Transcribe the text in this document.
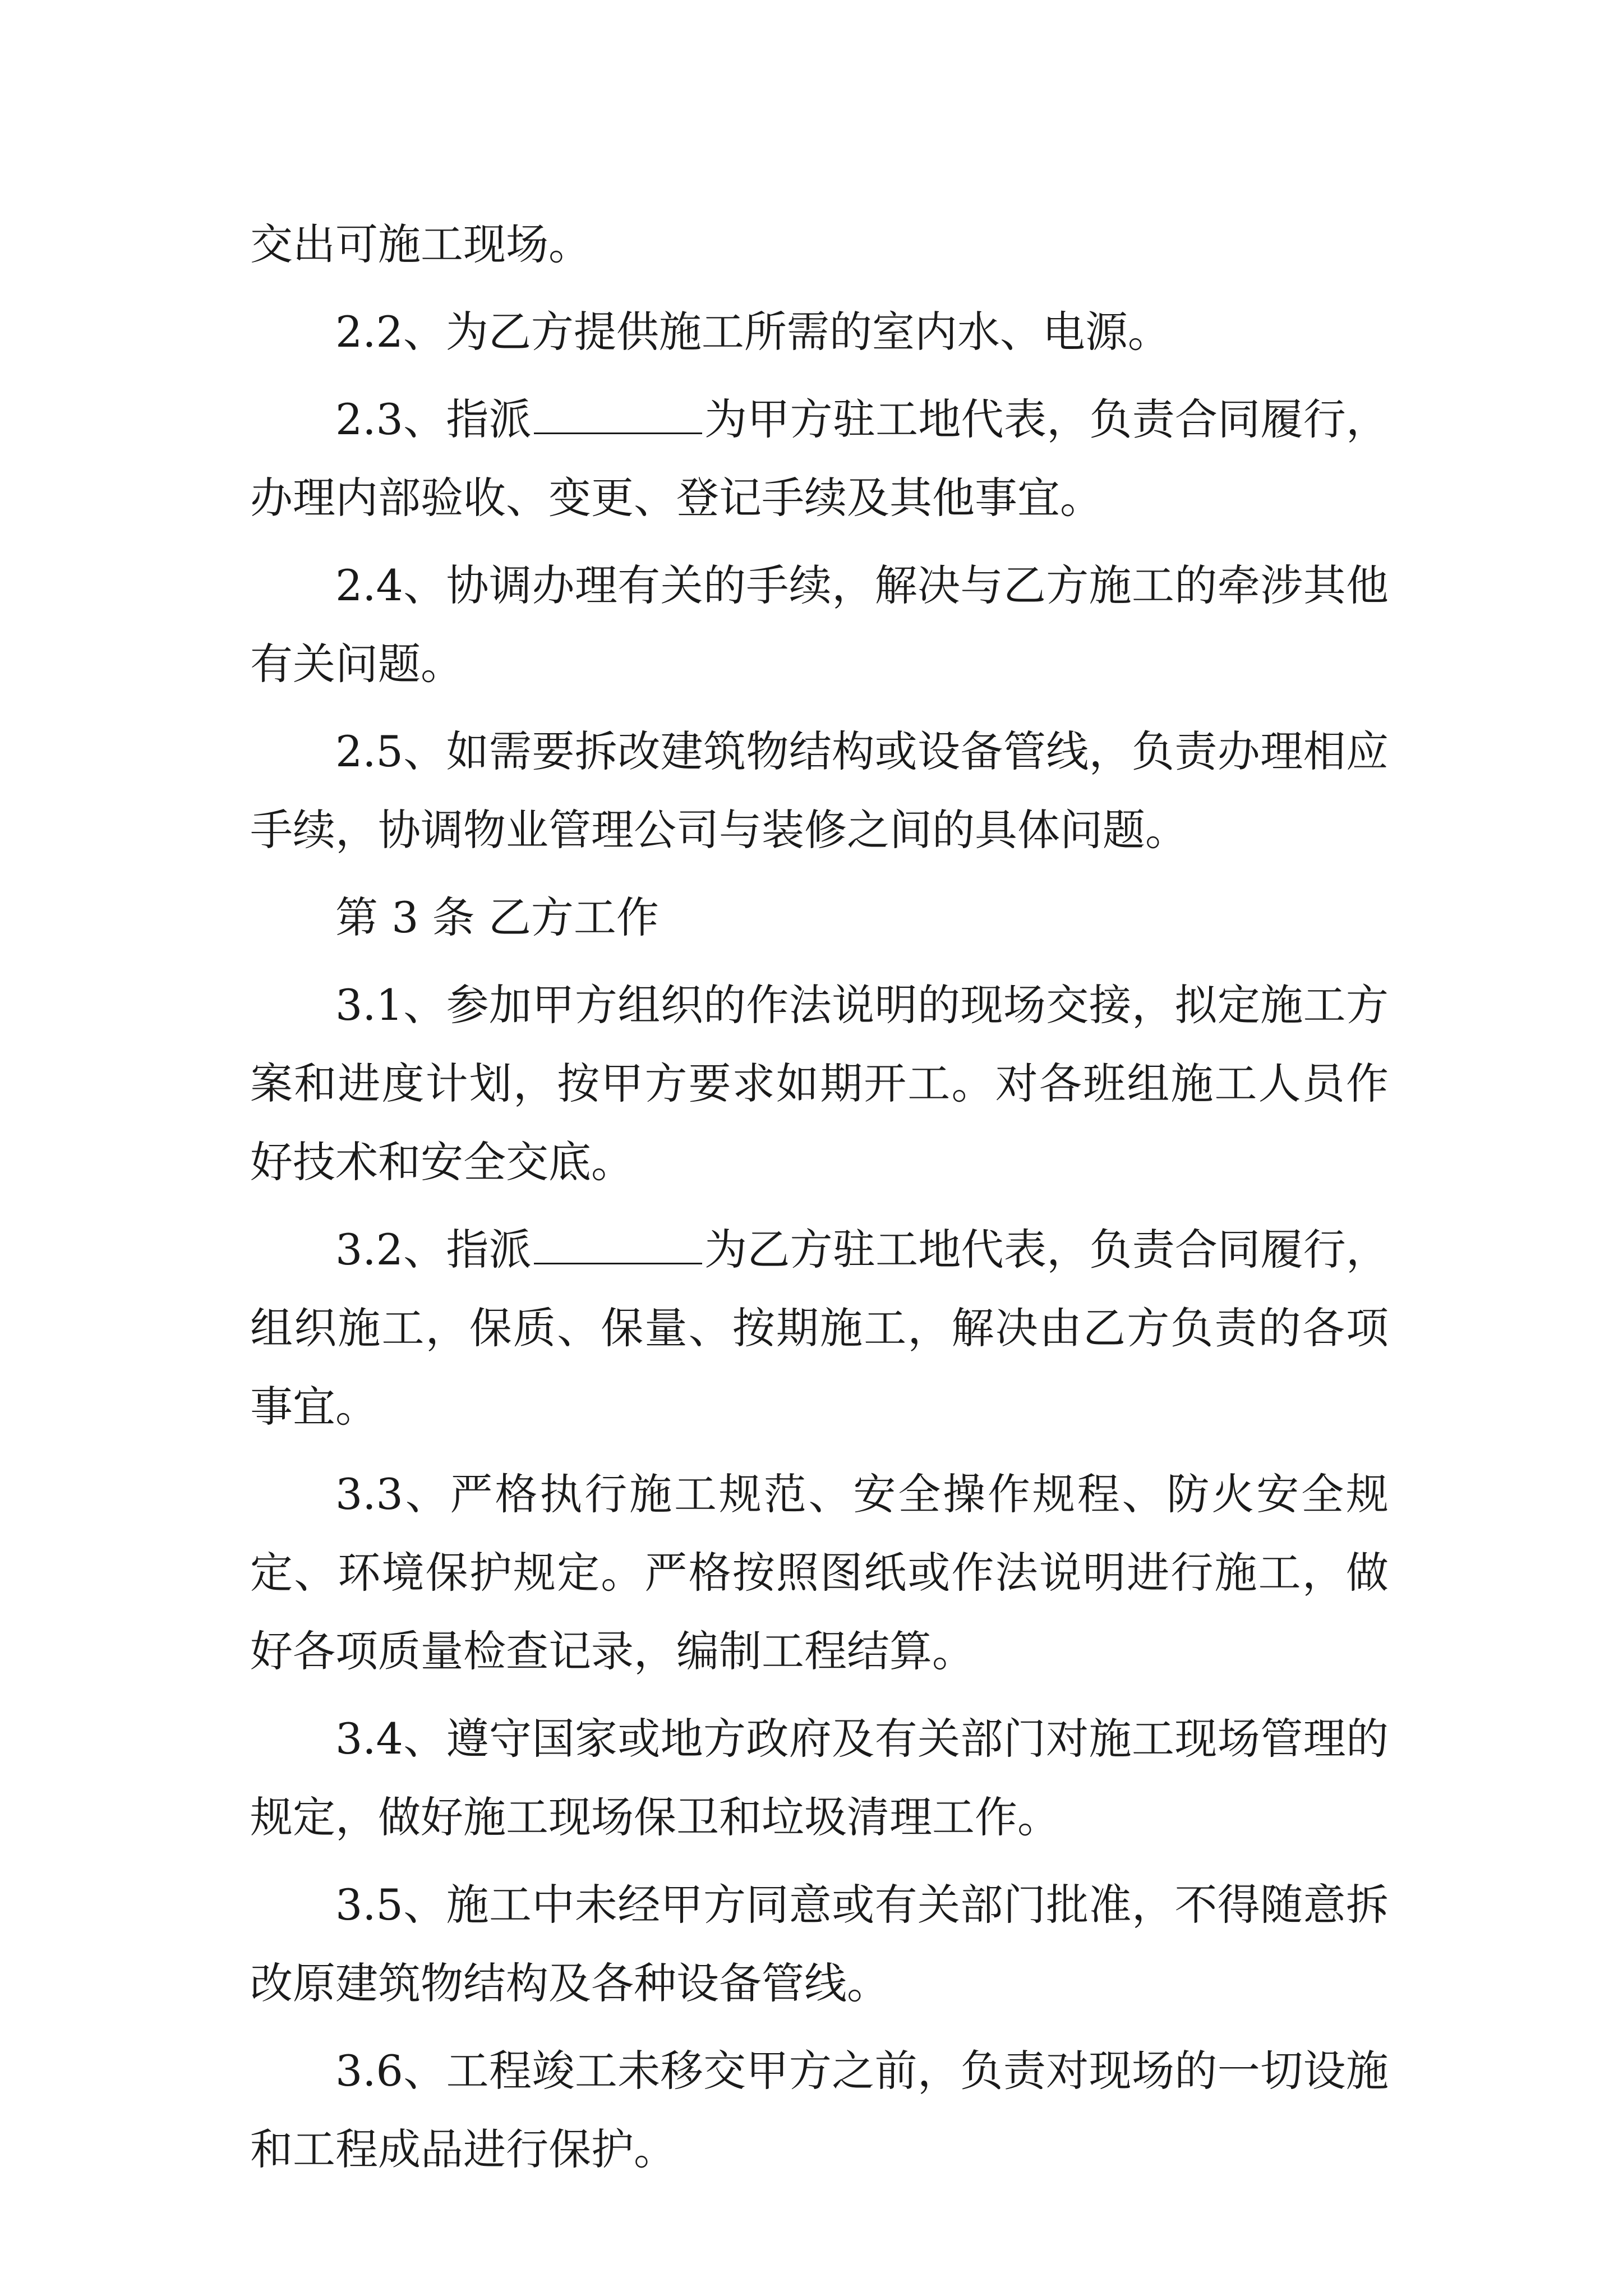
交出可施工现场。

2.2、为乙方提供施工所需的室内水、电源。

2.3、指派	为甲方驻工地代表，负责合同履行，办理内部验收、变更、登记手续及其他事宜。

2.4、协调办理有关的手续，解决与乙方施工的牵涉其他有关问题。

2.5、如需要拆改建筑物结构或设备管线，负责办理相应手续，协调物业管理公司与装修之间的具体问题。

第 3 条 乙方工作

3.1、参加甲方组织的作法说明的现场交接，拟定施工方案和进度计划，按甲方要求如期开工。对各班组施工人员作好技术和安全交底。

3.2、指派	为乙方驻工地代表，负责合同履行，组织施工，保质、保量、按期施工，解决由乙方负责的各项事宜。

3.3、严格执行施工规范、安全操作规程、防火安全规定、环境保护规定。严格按照图纸或作法说明进行施工，做好各项质量检查记录，编制工程结算。

3.4、遵守国家或地方政府及有关部门对施工现场管理的规定，做好施工现场保卫和垃圾清理工作。

3.5、施工中未经甲方同意或有关部门批准，不得随意拆改原建筑物结构及各种设备管线。

3.6、工程竣工未移交甲方之前，负责对现场的一切设施和工程成品进行保护。
